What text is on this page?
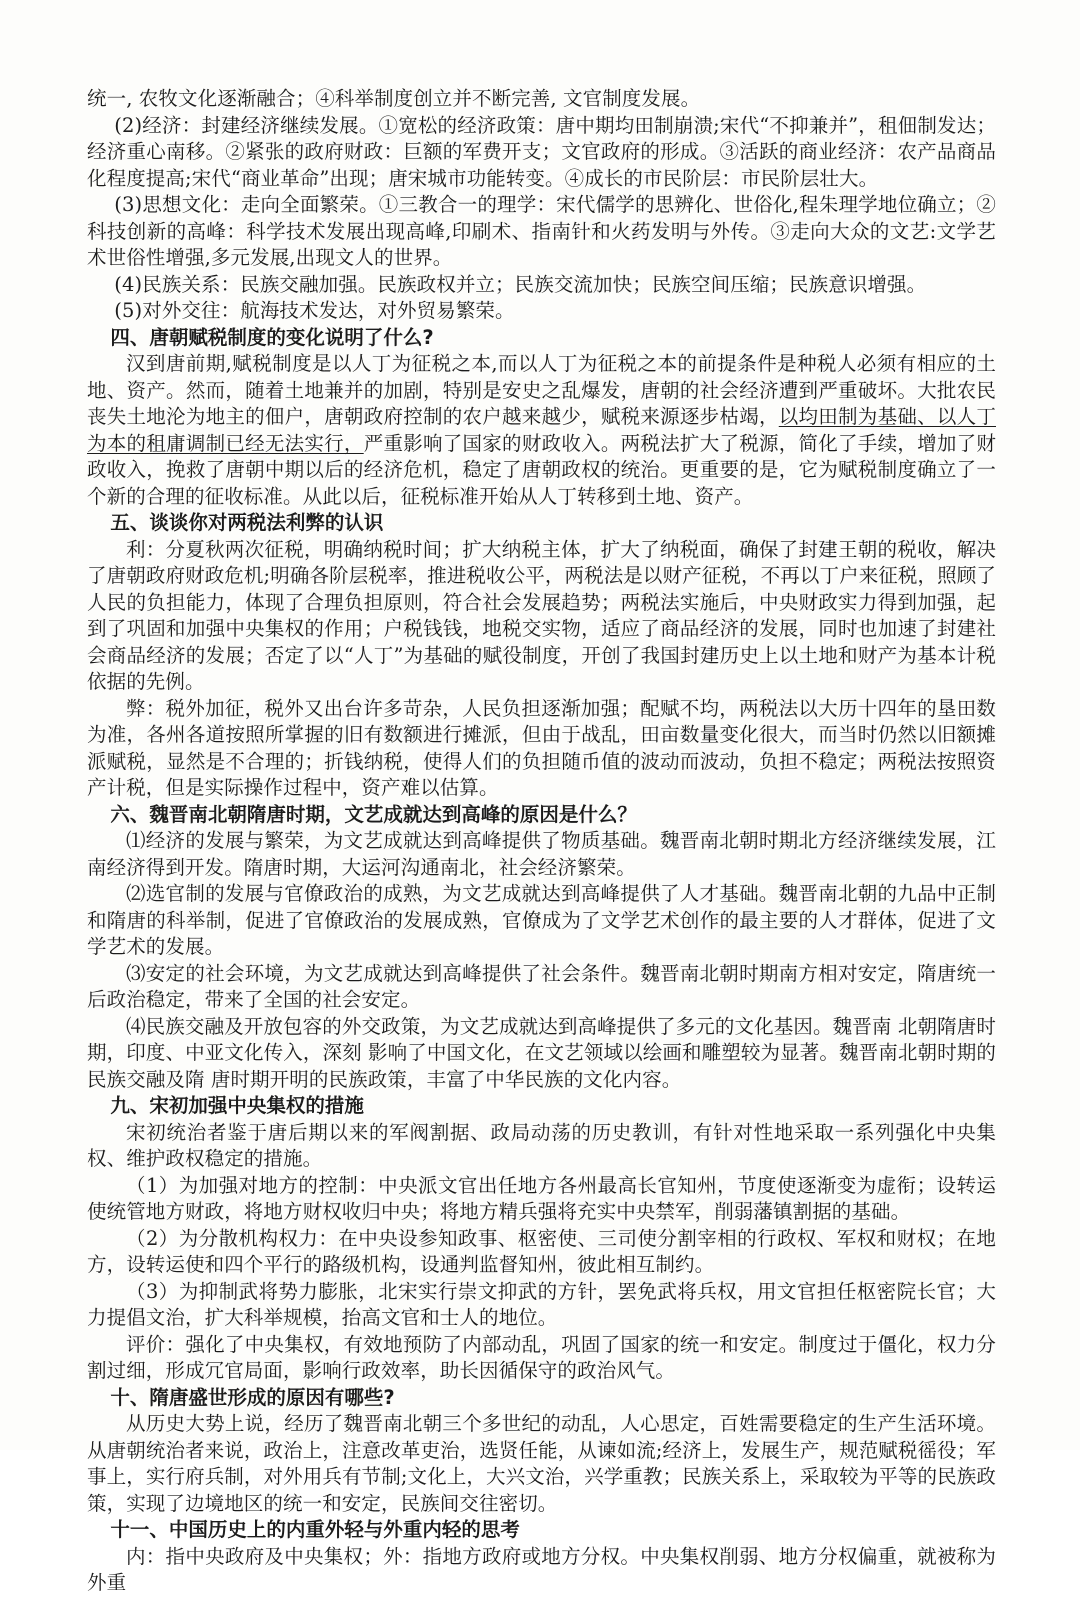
统一, 农牧文化逐渐融合；④科举制度创立并不断完善, 文官制度发展。

(2)经济：封建经济继续发展。①宽松的经济政策：唐中期均田制崩溃;宋代“不抑兼并”，租佃制发达；经济重心南移。②紧张的政府财政：巨额的军费开支；文官政府的形成。③活跃的商业经济：农产品商品化程度提高;宋代“商业革命”出现；唐宋城市功能转变。④成长的市民阶层：市民阶层壮大。

(3)思想文化：走向全面繁荣。①三教合一的理学：宋代儒学的思辨化、世俗化,程朱理学地位确立；②科技创新的高峰：科学技术发展出现高峰,印刷术、指南针和火药发明与外传。③走向大众的文艺:文学艺术世俗性增强,多元发展,出现文人的世界。

(4)民族关系：民族交融加强。民族政权并立；民族交流加快；民族空间压缩；民族意识增强。

(5)对外交往：航海技术发达，对外贸易繁荣。

四、唐朝赋税制度的变化说明了什么?

汉到唐前期,赋税制度是以人丁为征税之本,而以人丁为征税之本的前提条件是种税人必须有相应的土地、资产。然而，随着土地兼并的加剧，特别是安史之乱爆发，唐朝的社会经济遭到严重破坏。大批农民丧失土地沦为地主的佃户，唐朝政府控制的农户越来越少，赋税来源逐步枯竭，以均田制为基础、以人丁为本的租庸调制已经无法实行，严重影响了国家的财政收入。两税法扩大了税源，简化了手续，增加了财政收入，挽救了唐朝中期以后的经济危机，稳定了唐朝政权的统治。更重要的是，它为赋税制度确立了一个新的合理的征收标准。从此以后，征税标准开始从人丁转移到土地、资产。

五、谈谈你对两税法利弊的认识

利：分夏秋两次征税，明确纳税时间；扩大纳税主体，扩大了纳税面，确保了封建王朝的税收，解决了唐朝政府财政危机;明确各阶层税率，推进税收公平，两税法是以财产征税，不再以丁户来征税，照顾了人民的负担能力，体现了合理负担原则，符合社会发展趋势；两税法实施后，中央财政实力得到加强，起到了巩固和加强中央集权的作用；户税钱钱，地税交实物，适应了商品经济的发展，同时也加速了封建社会商品经济的发展；否定了以“人丁”为基础的赋役制度，开创了我国封建历史上以土地和财产为基本计税依据的先例。

弊：税外加征，税外又出台许多苛杂，人民负担逐渐加强；配赋不均，两税法以大历十四年的垦田数为准，各州各道按照所掌握的旧有数额进行摊派，但由于战乱，田亩数量变化很大，而当时仍然以旧额摊派赋税，显然是不合理的；折钱纳税，使得人们的负担随币值的波动而波动，负担不稳定；两税法按照资产计税，但是实际操作过程中，资产难以估算。

六、魏晋南北朝隋唐时期，文艺成就达到高峰的原因是什么？

⑴经济的发展与繁荣，为文艺成就达到高峰提供了物质基础。魏晋南北朝时期北方经济继续发展，江南经济得到开发。隋唐时期，大运河沟通南北，社会经济繁荣。

⑵选官制的发展与官僚政治的成熟，为文艺成就达到高峰提供了人才基础。魏晋南北朝的九品中正制和隋唐的科举制，促进了官僚政治的发展成熟，官僚成为了文学艺术创作的最主要的人才群体，促进了文学艺术的发展。

⑶安定的社会环境，为文艺成就达到高峰提供了社会条件。魏晋南北朝时期南方相对安定，隋唐统一后政治稳定，带来了全国的社会安定。

⑷民族交融及开放包容的外交政策，为文艺成就达到高峰提供了多元的文化基因。魏晋南 北朝隋唐时期，印度、中亚文化传入，深刻 影响了中国文化，在文艺领域以绘画和雕塑较为显著。魏晋南北朝时期的民族交融及隋 唐时期开明的民族政策，丰富了中华民族的文化内容。

九、宋初加强中央集权的措施

宋初统治者鉴于唐后期以来的军阀割据、政局动荡的历史教训，有针对性地采取一系列强化中央集权、维护政权稳定的措施。

（1）为加强对地方的控制：中央派文官出任地方各州最高长官知州，节度使逐渐变为虚衔；设转运使统管地方财政，将地方财权收归中央；将地方精兵强将充实中央禁军，削弱藩镇割据的基础。

（2）为分散机构权力：在中央设参知政事、枢密使、三司使分割宰相的行政权、军权和财权；在地方，设转运使和四个平行的路级机构，设通判监督知州，彼此相互制约。

（3）为抑制武将势力膨胀，北宋实行崇文抑武的方针，罢免武将兵权，用文官担任枢密院长官；大力提倡文治，扩大科举规模，抬高文官和士人的地位。

评价：强化了中央集权，有效地预防了内部动乱，巩固了国家的统一和安定。制度过于僵化，权力分割过细，形成冗官局面，影响行政效率，助长因循保守的政治风气。

十、隋唐盛世形成的原因有哪些?

从历史大势上说，经历了魏晋南北朝三个多世纪的动乱，人心思定，百姓需要稳定的生产生活环境。从唐朝统治者来说，政治上，注意改革吏治，选贤任能，从谏如流;经济上，发展生产，规范赋税徭役；军事上，实行府兵制，对外用兵有节制;文化上，大兴文治，兴学重教；民族关系上，采取较为平等的民族政策，实现了边境地区的统一和安定，民族间交往密切。

十一、中国历史上的内重外轻与外重内轻的思考

内：指中央政府及中央集权；外：指地方政府或地方分权。中央集权削弱、地方分权偏重，就被称为外重
